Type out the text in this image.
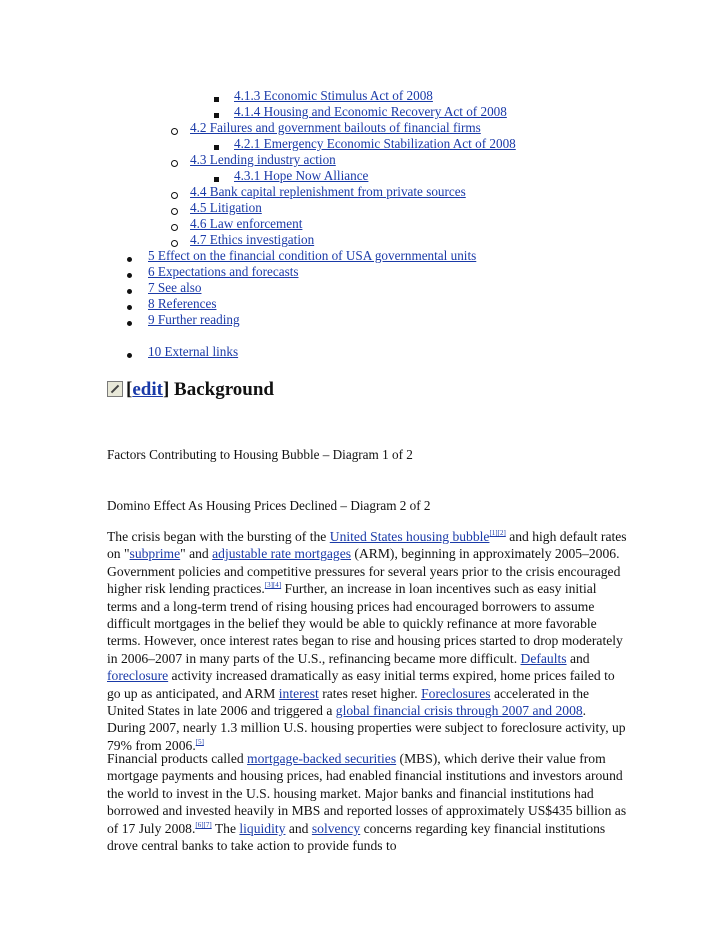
4.1.3 Economic Stimulus Act of 2008
4.1.4 Housing and Economic Recovery Act of 2008
4.2 Failures and government bailouts of financial firms
4.2.1 Emergency Economic Stabilization Act of 2008
4.3 Lending industry action
4.3.1 Hope Now Alliance
4.4 Bank capital replenishment from private sources
4.5 Litigation
4.6 Law enforcement
4.7 Ethics investigation
5 Effect on the financial condition of USA governmental units
6 Expectations and forecasts
7 See also
8 References
9 Further reading
10 External links
[edit] Background
Factors Contributing to Housing Bubble – Diagram 1 of 2
Domino Effect As Housing Prices Declined – Diagram 2 of 2

The crisis began with the bursting of the United States housing bubble[1][2] and high default rates on "subprime" and adjustable rate mortgages (ARM), beginning in approximately 2005–2006. Government policies and competitive pressures for several years prior to the crisis encouraged higher risk lending practices.[3][4] Further, an increase in loan incentives such as easy initial terms and a long-term trend of rising housing prices had encouraged borrowers to assume difficult mortgages in the belief they would be able to quickly refinance at more favorable terms. However, once interest rates began to rise and housing prices started to drop moderately in 2006–2007 in many parts of the U.S., refinancing became more difficult. Defaults and foreclosure activity increased dramatically as easy initial terms expired, home prices failed to go up as anticipated, and ARM interest rates reset higher. Foreclosures accelerated in the United States in late 2006 and triggered a global financial crisis through 2007 and 2008. During 2007, nearly 1.3 million U.S. housing properties were subject to foreclosure activity, up 79% from 2006.[5]

Financial products called mortgage-backed securities (MBS), which derive their value from mortgage payments and housing prices, had enabled financial institutions and investors around the world to invest in the U.S. housing market. Major banks and financial institutions had borrowed and invested heavily in MBS and reported losses of approximately US$435 billion as of 17 July 2008.[6][7] The liquidity and solvency concerns regarding key financial institutions drove central banks to take action to provide funds to
